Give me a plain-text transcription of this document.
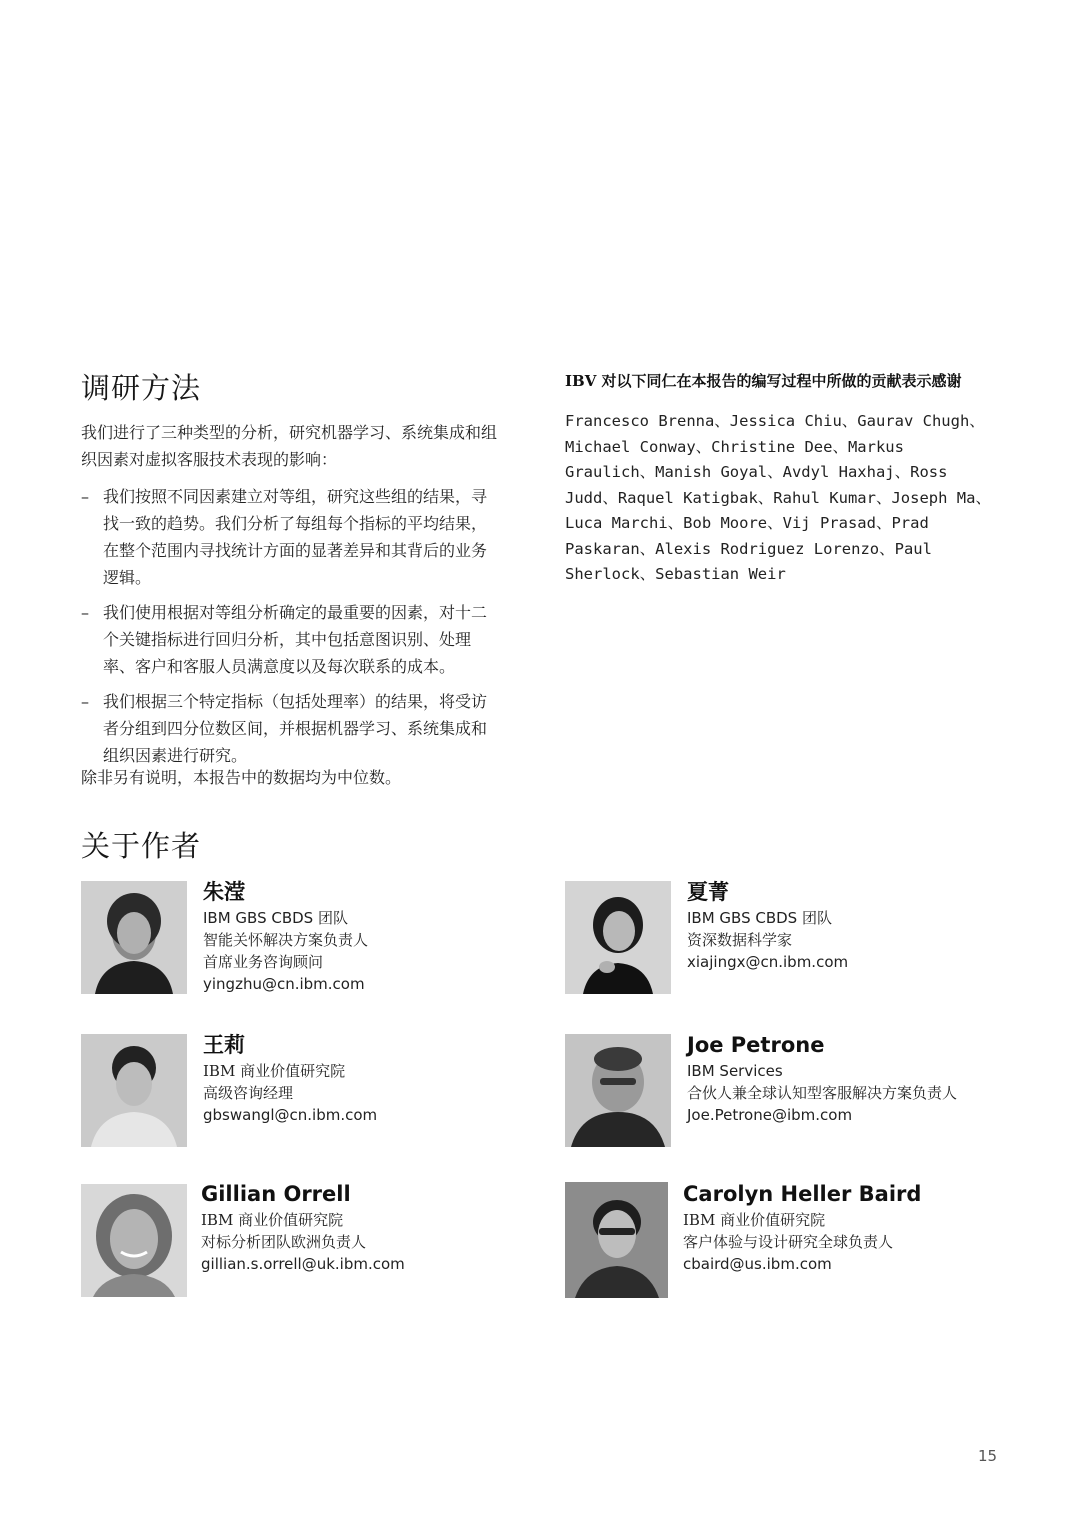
调研方法

我们进行了三种类型的分析，研究机器学习、系统集成和组织因素对虚拟客服技术表现的影响：

– 我们按照不同因素建立对等组，研究这些组的结果，寻找一致的趋势。我们分析了每组每个指标的平均结果，在整个范围内寻找统计方面的显著差异和其背后的业务逻辑。
– 我们使用根据对等组分析确定的最重要的因素，对十二个关键指标进行回归分析，其中包括意图识别、处理率、客户和客服人员满意度以及每次联系的成本。
– 我们根据三个特定指标（包括处理率）的结果，将受访者分组到四分位数区间，并根据机器学习、系统集成和组织因素进行研究。
除非另有说明，本报告中的数据均为中位数。
IBV 对以下同仁在本报告的编写过程中所做的贡献表示感谢
Francesco Brenna、Jessica Chiu、Gaurav Chugh、Michael Conway、Christine Dee、Markus Graulich、Manish Goyal、Avdyl Haxhaj、Ross Judd、Raquel Katigbak、Rahul Kumar、Joseph Ma、Luca Marchi、Bob Moore、Vij Prasad、Prad Paskaran、Alexis Rodriguez Lorenzo、Paul Sherlock、Sebastian Weir
关于作者
朱滢
IBM GBS CBDS 团队
智能关怀解决方案负责人
首席业务咨询顾问
yingzhu@cn.ibm.com
夏菁
IBM GBS CBDS 团队
资深数据科学家
xiajingx@cn.ibm.com
王莉
IBM 商业价值研究院
高级咨询经理
gbswangl@cn.ibm.com
Joe Petrone
IBM Services
合伙人兼全球认知型客服解决方案负责人
Joe.Petrone@ibm.com
Gillian Orrell
IBM 商业价值研究院
对标分析团队欧洲负责人
gillian.s.orrell@uk.ibm.com
Carolyn Heller Baird
IBM 商业价值研究院
客户体验与设计研究全球负责人
cbaird@us.ibm.com
15
